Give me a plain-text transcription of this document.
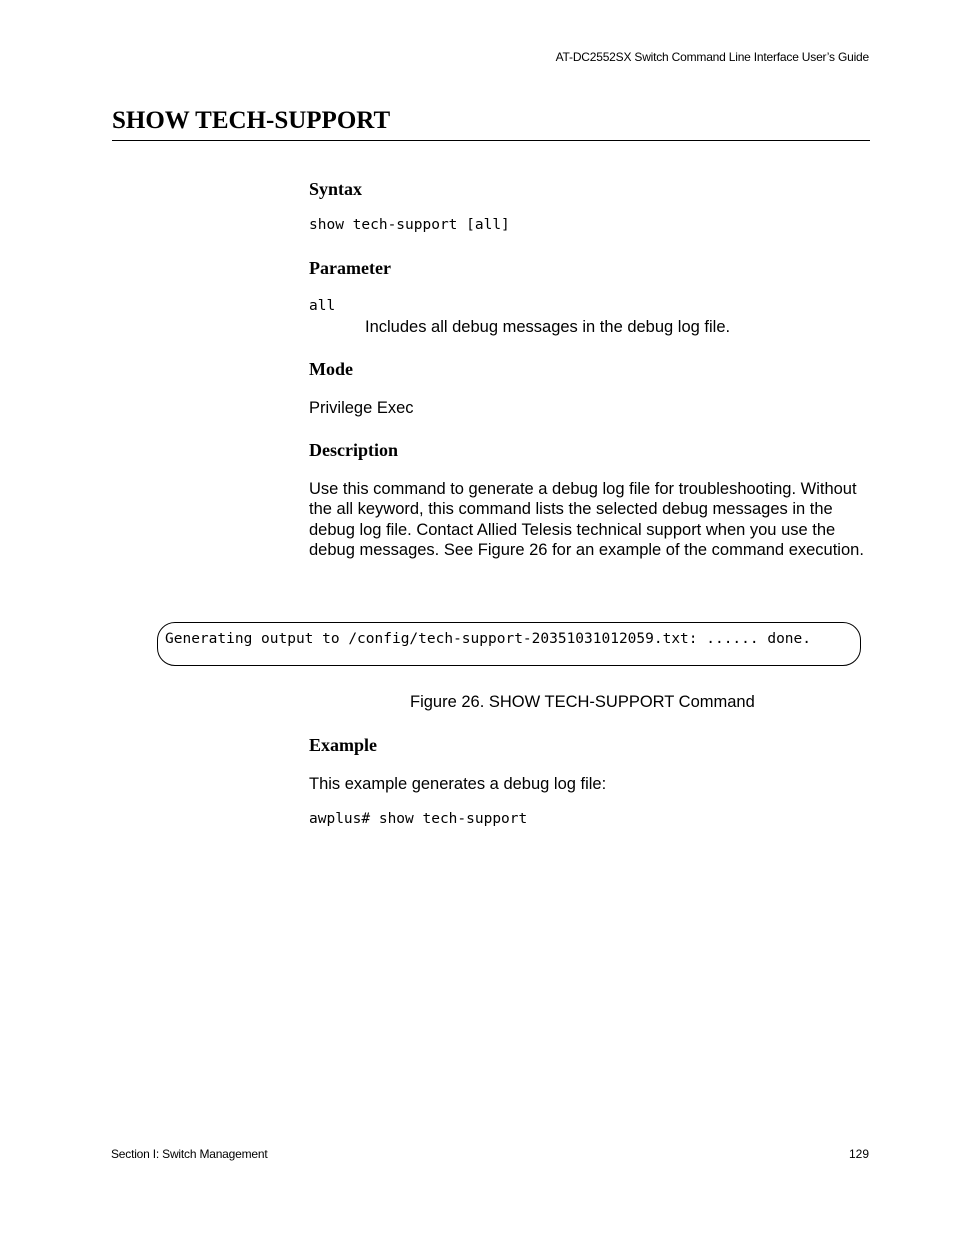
AT-DC2552SX Switch Command Line Interface User’s Guide
SHOW TECH-SUPPORT
Syntax
show tech-support [all]
Parameter
all
Includes all debug messages in the debug log file.
Mode
Privilege Exec
Description
Use this command to generate a debug log file for troubleshooting. Without the all keyword, this command lists the selected debug messages in the debug log file. Contact Allied Telesis technical support when you use the debug messages. See Figure 26 for an example of the command execution.
Generating output to /config/tech-support-20351031012059.txt: ...... done.
Figure 26. SHOW TECH-SUPPORT Command
Example
This example generates a debug log file:
awplus# show tech-support
Section I: Switch Management	129
